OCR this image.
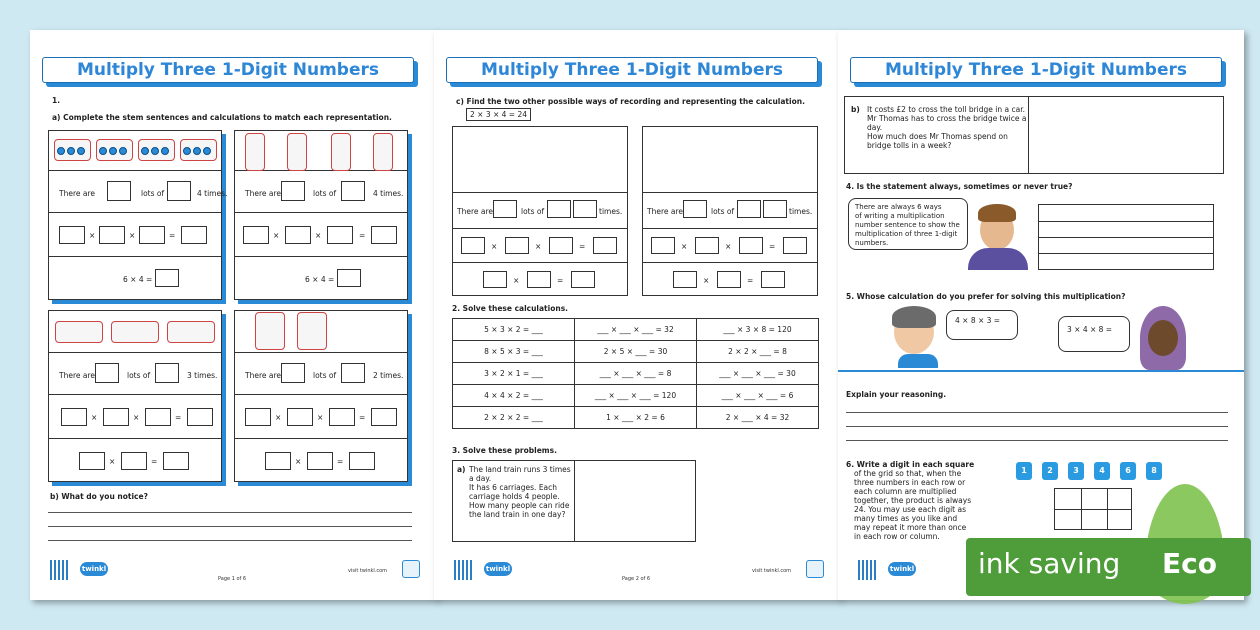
Multiply Three 1-Digit Numbers
1.
a) Complete the stem sentences and calculations to match each representation.
There are	lots of	4 times.
×	×	=
6 × 4 =
There are	lots of	4 times.
×	×	=
6 × 4 =
There are	lots of	3 times.
×	×	=
×	=
There are	lots of	2 times.
×	×	=
×	=
b) What do you notice?
twinkl
Page 1 of 6
visit twinkl.com
Multiply Three 1-Digit Numbers
c) Find the two other possible ways of recording and representing the calculation.
2 × 3 × 4 = 24
There are	lots of	times.
×	×	=
×	=
There are	lots of	times.
×	×	=
×	=
2. Solve these calculations.
5 × 3 × 2 = ___	___ × ___ × ___ = 32	___ × 3 × 8 = 120
8 × 5 × 3 = ___	2 × 5 × ___ = 30	2 × 2 × ___ = 8
3 × 2 × 1 = ___	___ × ___ × ___ = 8	___ × ___ × ___ = 30
4 × 4 × 2 = ___	___ × ___ × ___ = 120	___ × ___ × ___ = 6
2 × 2 × 2 = ___	1 × ___ × 2 = 6	2 × ___ × 4 = 32
3. Solve these problems.
a) The land train runs 3 times
a day.
It has 6 carriages. Each
carriage holds 4 people.
How many people can ride
the land train in one day?
twinkl
Page 2 of 6
visit twinkl.com
Multiply Three 1-Digit Numbers
b) It costs £2 to cross the toll bridge in a car.
Mr Thomas has to cross the bridge twice a
day.
How much does Mr Thomas spend on
bridge tolls in a week?
4. Is the statement always, sometimes or never true?
There are always 6 ways
of writing a multiplication
number sentence to show the
multiplication of three 1-digit
numbers.
5. Whose calculation do you prefer for solving this multiplication?
4 × 8 × 3 =
3 × 4 × 8 =
Explain your reasoning.
6. Write a digit in each square
of the grid so that, when the
three numbers in each row or
each column are multiplied
together, the product is always
24. You may use each digit as
many times as you like and
may repeat it more than once
in each row or column.
1	2	3	4	6	8
twinkl ink saving Eco
